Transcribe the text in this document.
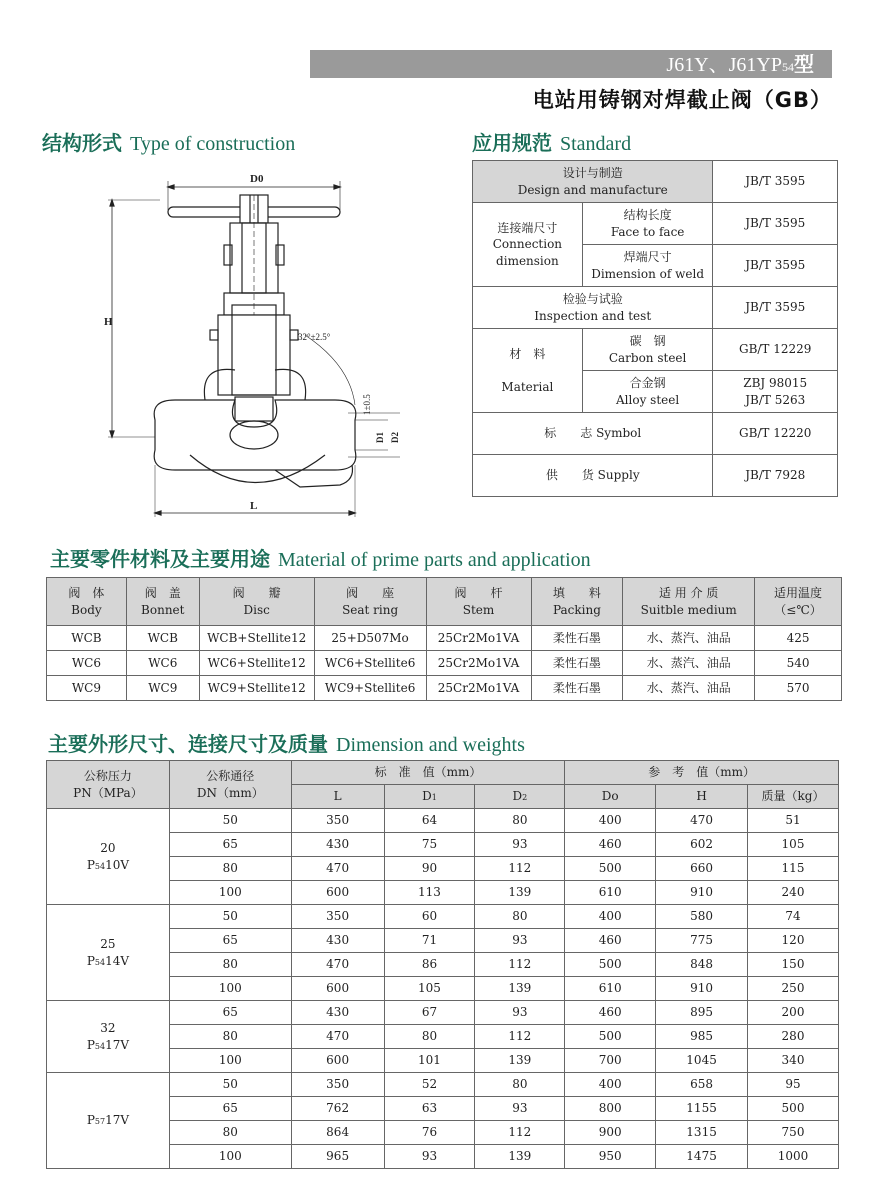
J61Y、J61YP54型
电站用铸钢对焊截止阀（GB）
结构形式 Type of construction	应用规范 Standard
主要零件材料及主要用途 Material of prime parts and application
主要外形尺寸、连接尺寸及质量 Dimension and weights
D0
H
32°±2.5°
1±0.5
D1 D2
L
设计与制造
Design and manufacture		JB/T 3595
连接端尺寸
Connection
dimension	结构长度
Face to face	JB/T 3595
	焊端尺寸
Dimension of weld	JB/T 3595
检验与试验
Inspection and test		JB/T 3595
材　料

Material	碳　钢
Carbon steel	GB/T 12229
	合金钢
Alloy steel	ZBJ 98015
JB/T 5263
标　　志 Symbol		GB/T 12220
供　　货 Supply		JB/T 7928
阀　体
Body	阀　盖
Bonnet	阀　　瓣
Disc	阀　　座
Seat ring	阀　　杆
Stem	填　　料
Packing	适 用 介 质
Suitble medium	适用温度
（≤℃）
WCB	WCB	WCB+Stellite12	25+D507Mo	25Cr2Mo1VA	柔性石墨	水、蒸汽、油品	425
WC6	WC6	WC6+Stellite12	WC6+Stellite6	25Cr2Mo1VA	柔性石墨	水、蒸汽、油品	540
WC9	WC9	WC9+Stellite12	WC9+Stellite6	25Cr2Mo1VA	柔性石墨	水、蒸汽、油品	570
公称压力
PN（MPa）	公称通径
DN（mm）	标　准　值（mm）			参　考　值（mm）		
		L	D1	D2	Do	H	质量（kg）
20
P5410V	50	350	64	80	400	470	51
	65	430	75	93	460	602	105
	80	470	90	112	500	660	115
	100	600	113	139	610	910	240
25
P5414V	50	350	60	80	400	580	74
	65	430	71	93	460	775	120
	80	470	86	112	500	848	150
	100	600	105	139	610	910	250
32
P5417V	65	430	67	93	460	895	200
	80	470	80	112	500	985	280
	100	600	101	139	700	1045	340
P5717V	50	350	52	80	400	658	95
	65	762	63	93	800	1155	500
	80	864	76	112	900	1315	750
	100	965	93	139	950	1475	1000
